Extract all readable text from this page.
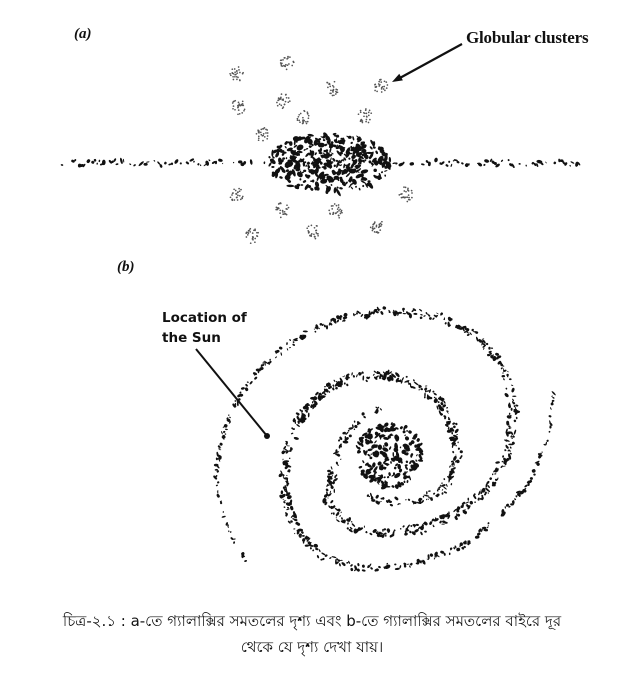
(a)
(b)
Globular clusters
Location of
the Sun
চিত্র-২.১ : a-তে গ্যালাক্সির সমতলের দৃশ্য এবং b-তে গ্যালাক্সির সমতলের বাইরে দূর
থেকে যে দৃশ্য দেখা যায়।
